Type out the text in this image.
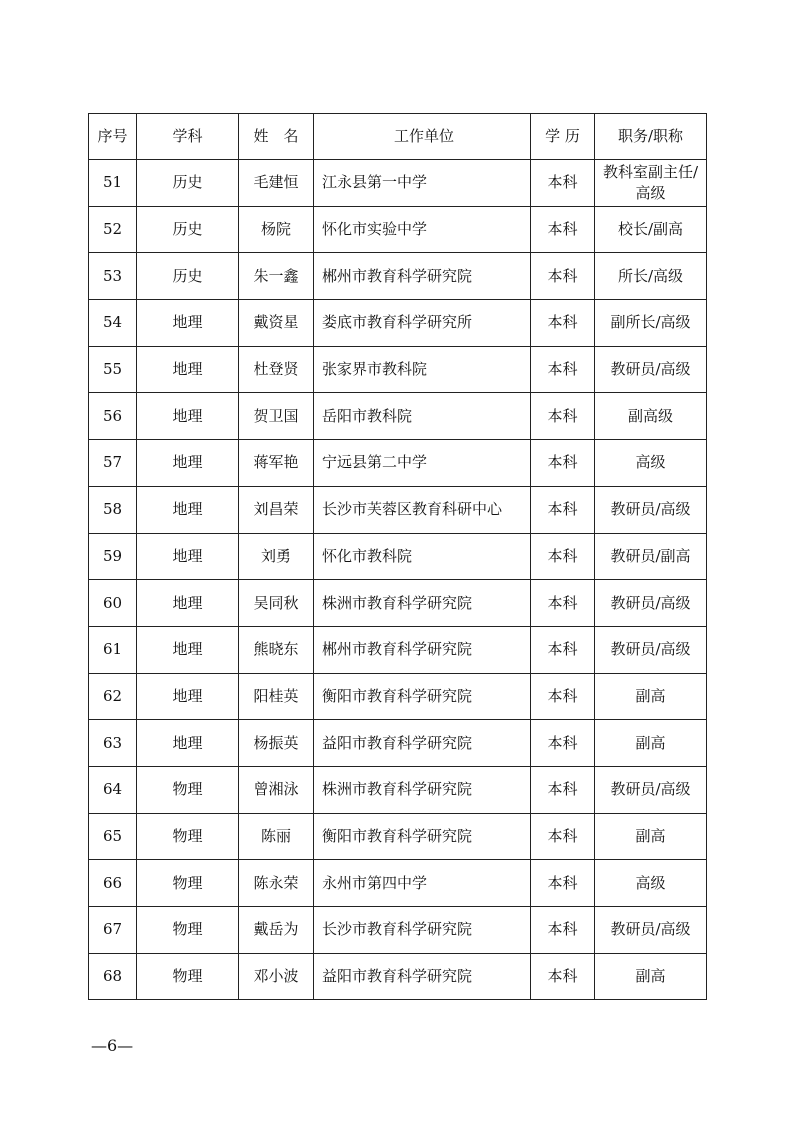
序号	学科	姓　名	工作单位	学 历	职务/职称
51	历史	毛建恒	江永县第一中学	本科	教科室副主任/高级
52	历史	杨院	怀化市实验中学	本科	校长/副高
53	历史	朱一鑫	郴州市教育科学研究院	本科	所长/高级
54	地理	戴资星	娄底市教育科学研究所	本科	副所长/高级
55	地理	杜登贤	张家界市教科院	本科	教研员/高级
56	地理	贺卫国	岳阳市教科院	本科	副高级
57	地理	蒋军艳	宁远县第二中学	本科	高级
58	地理	刘昌荣	长沙市芙蓉区教育科研中心	本科	教研员/高级
59	地理	刘勇	怀化市教科院	本科	教研员/副高
60	地理	吴同秋	株洲市教育科学研究院	本科	教研员/高级
61	地理	熊晓东	郴州市教育科学研究院	本科	教研员/高级
62	地理	阳桂英	衡阳市教育科学研究院	本科	副高
63	地理	杨振英	益阳市教育科学研究院	本科	副高
64	物理	曾湘泳	株洲市教育科学研究院	本科	教研员/高级
65	物理	陈丽	衡阳市教育科学研究院	本科	副高
66	物理	陈永荣	永州市第四中学	本科	高级
67	物理	戴岳为	长沙市教育科学研究院	本科	教研员/高级
68	物理	邓小波	益阳市教育科学研究院	本科	副高
—6—
